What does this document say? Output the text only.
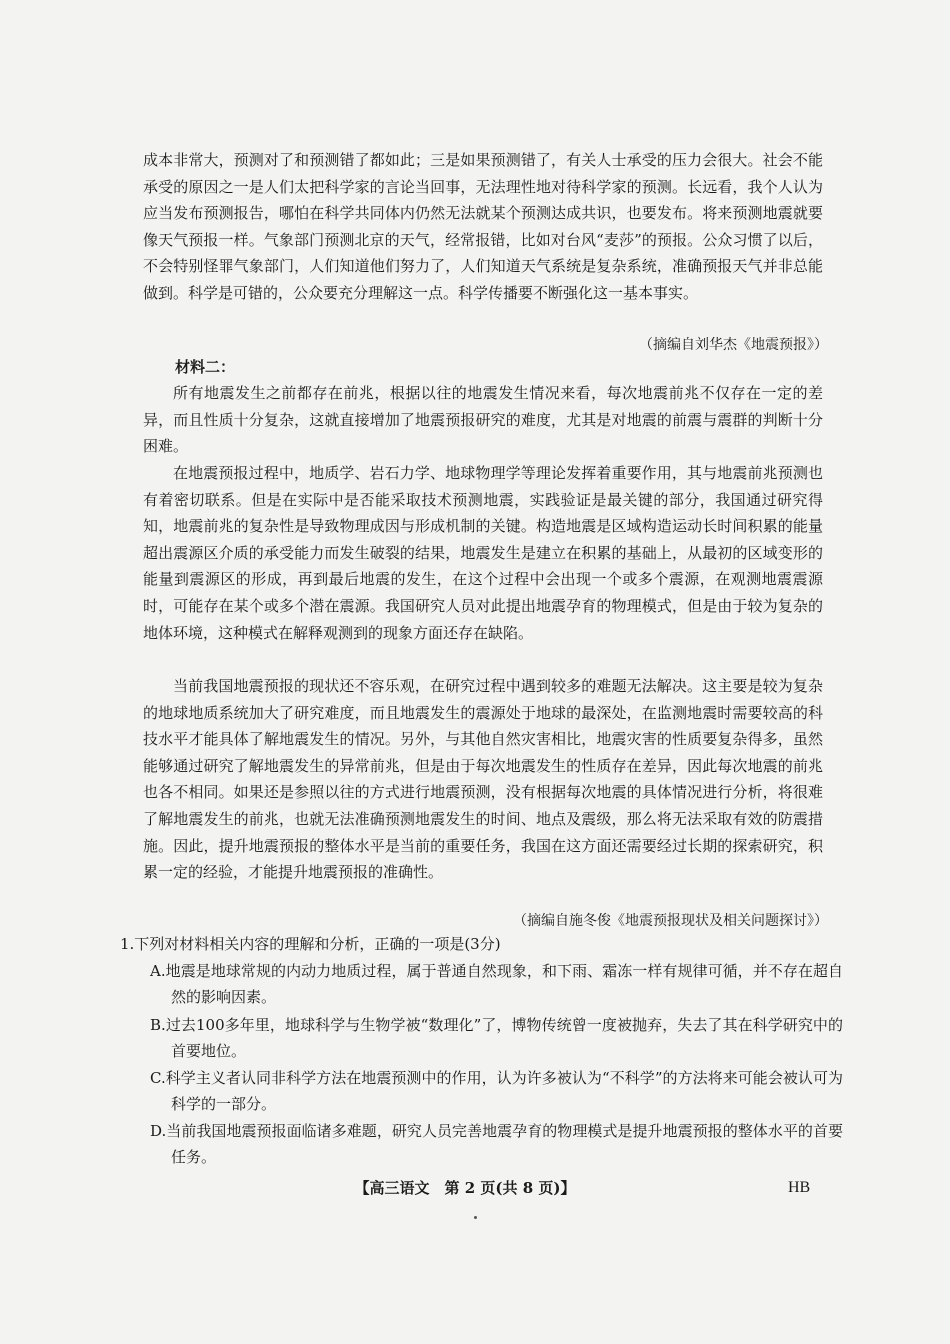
成本非常大，预测对了和预测错了都如此；三是如果预测错了，有关人士承受的压力会很大。社会不能承受的原因之一是人们太把科学家的言论当回事，无法理性地对待科学家的预测。长远看，我个人认为应当发布预测报告，哪怕在科学共同体内仍然无法就某个预测达成共识，也要发布。将来预测地震就要像天气预报一样。气象部门预测北京的天气，经常报错，比如对台风“麦莎”的预报。公众习惯了以后，不会特别怪罪气象部门，人们知道他们努力了，人们知道天气系统是复杂系统，准确预报天气并非总能做到。科学是可错的，公众要充分理解这一点。科学传播要不断强化这一基本事实。

（摘编自刘华杰《地震预报》）

材料二：

所有地震发生之前都存在前兆，根据以往的地震发生情况来看，每次地震前兆不仅存在一定的差异，而且性质十分复杂，这就直接增加了地震预报研究的难度，尤其是对地震的前震与震群的判断十分困难。

在地震预报过程中，地质学、岩石力学、地球物理学等理论发挥着重要作用，其与地震前兆预测也有着密切联系。但是在实际中是否能采取技术预测地震，实践验证是最关键的部分，我国通过研究得知，地震前兆的复杂性是导致物理成因与形成机制的关键。构造地震是区域构造运动长时间积累的能量超出震源区介质的承受能力而发生破裂的结果，地震发生是建立在积累的基础上，从最初的区域变形的能量到震源区的形成，再到最后地震的发生，在这个过程中会出现一个或多个震源，在观测地震震源时，可能存在某个或多个潜在震源。我国研究人员对此提出地震孕育的物理模式，但是由于较为复杂的地体环境，这种模式在解释观测到的现象方面还存在缺陷。

当前我国地震预报的现状还不容乐观，在研究过程中遇到较多的难题无法解决。这主要是较为复杂的地球地质系统加大了研究难度，而且地震发生的震源处于地球的最深处，在监测地震时需要较高的科技水平才能具体了解地震发生的情况。另外，与其他自然灾害相比，地震灾害的性质要复杂得多，虽然能够通过研究了解地震发生的异常前兆，但是由于每次地震发生的性质存在差异，因此每次地震的前兆也各不相同。如果还是参照以往的方式进行地震预测，没有根据每次地震的具体情况进行分析，将很难了解地震发生的前兆，也就无法准确预测地震发生的时间、地点及震级，那么将无法采取有效的防震措施。因此，提升地震预报的整体水平是当前的重要任务，我国在这方面还需要经过长期的探索研究，积累一定的经验，才能提升地震预报的准确性。

（摘编自施冬俊《地震预报现状及相关问题探讨》）

1.下列对材料相关内容的理解和分析，正确的一项是(3分)

A.地震是地球常规的内动力地质过程，属于普通自然现象，和下雨、霜冻一样有规律可循，并不存在超自然的影响因素。

B.过去100多年里，地球科学与生物学被“数理化”了，博物传统曾一度被抛弃，失去了其在科学研究中的首要地位。

C.科学主义者认同非科学方法在地震预测中的作用，认为许多被认为“不科学”的方法将来可能会被认可为科学的一部分。

D.当前我国地震预报面临诸多难题，研究人员完善地震孕育的物理模式是提升地震预报的整体水平的首要任务。

【高三语文　第 2 页(共 8 页)】	HB
